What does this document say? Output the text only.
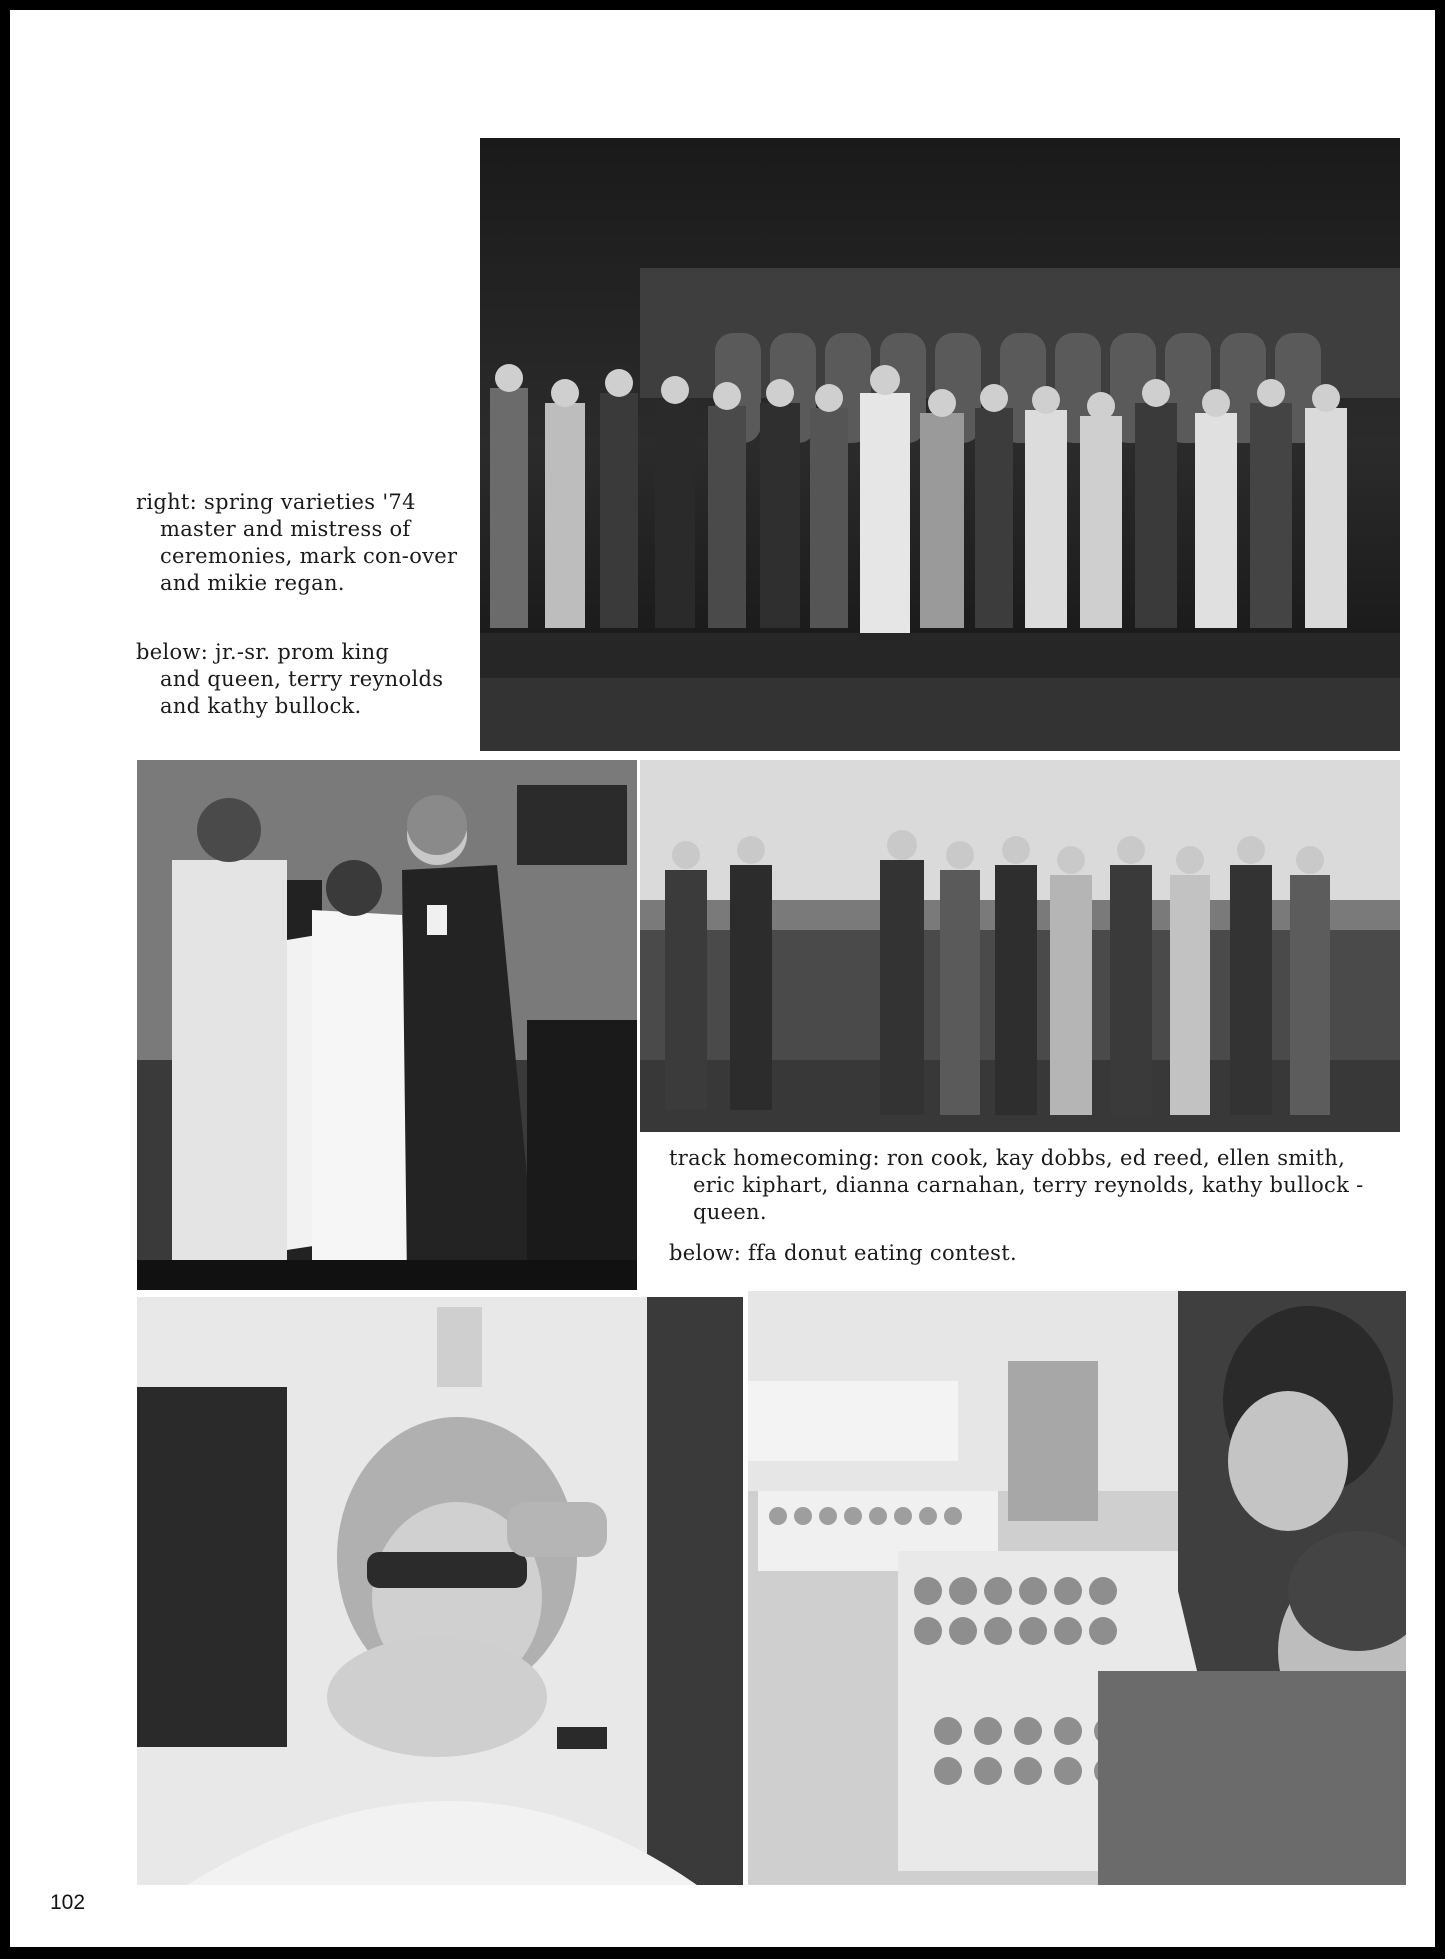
right: spring varieties '74
master and mistress of ceremonies, mark con-over and mikie regan.
below: jr.-sr. prom king
and queen, terry reynolds and kathy bullock.
track homecoming: ron cook, kay dobbs, ed reed, ellen smith,
eric kiphart, dianna carnahan, terry reynolds, kathy bullock - queen.
below: ffa donut eating contest.
102
